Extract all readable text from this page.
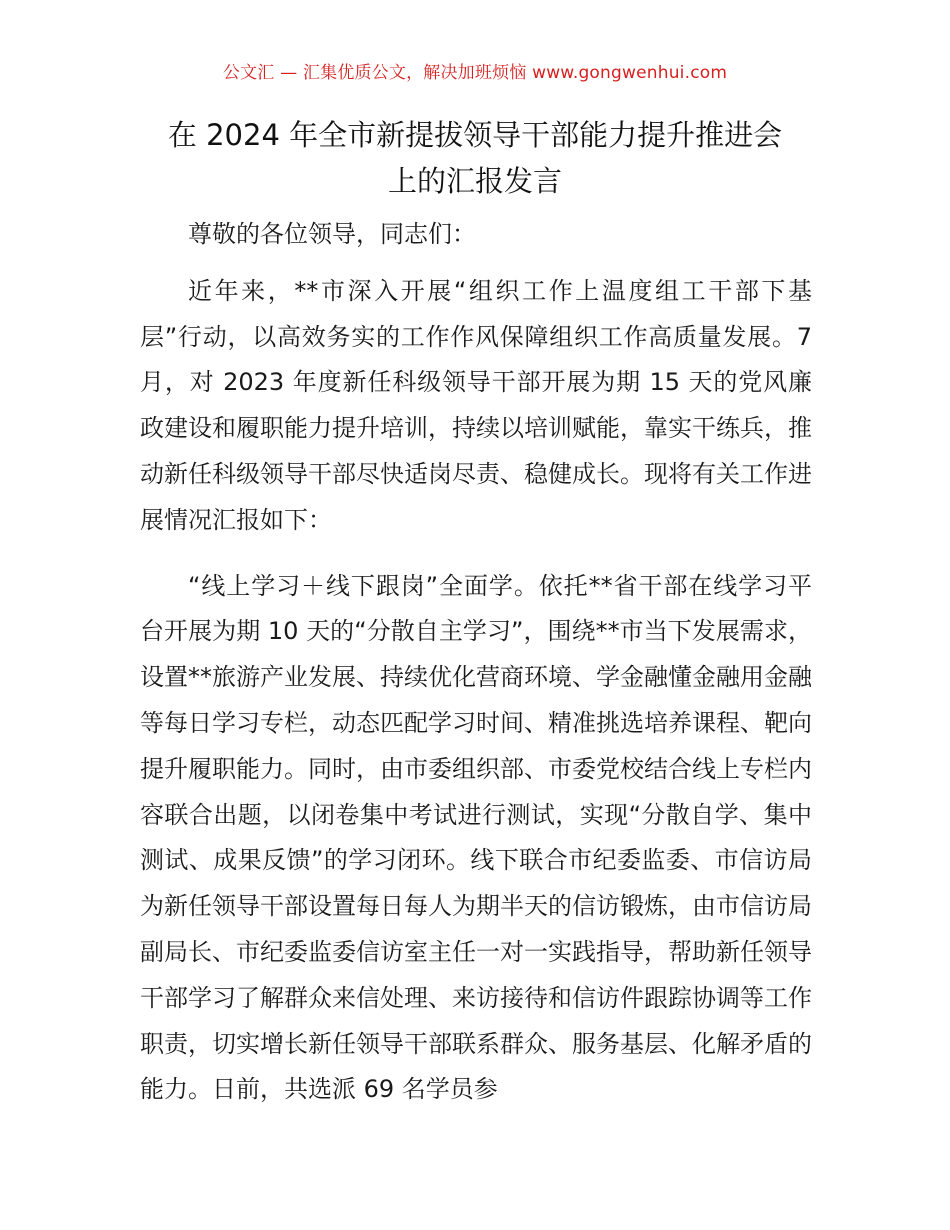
公文汇 — 汇集优质公文，解决加班烦恼 www.gongwenhui.com
在 2024 年全市新提拔领导干部能力提升推进会
上的汇报发言

尊敬的各位领导，同志们：

近年来，**市深入开展“组织工作上温度组工干部下基层”行动，以高效务实的工作作风保障组织工作高质量发展。7 月，对 2023 年度新任科级领导干部开展为期 15 天的党风廉政建设和履职能力提升培训，持续以培训赋能，靠实干练兵，推动新任科级领导干部尽快适岗尽责、稳健成长。现将有关工作进展情况汇报如下：

“线上学习＋线下跟岗”全面学。依托**省干部在线学习平台开展为期 10 天的“分散自主学习”，围绕**市当下发展需求，设置**旅游产业发展、持续优化营商环境、学金融懂金融用金融等每日学习专栏，动态匹配学习时间、精准挑选培养课程、靶向提升履职能力。同时，由市委组织部、市委党校结合线上专栏内容联合出题，以闭卷集中考试进行测试，实现“分散自学、集中测试、成果反馈”的学习闭环。线下联合市纪委监委、市信访局为新任领导干部设置每日每人为期半天的信访锻炼，由市信访局副局长、市纪委监委信访室主任一对一实践指导，帮助新任领导干部学习了解群众来信处理、来访接待和信访件跟踪协调等工作职责，切实增长新任领导干部联系群众、服务基层、化解矛盾的能力。日前，共选派 69 名学员参
